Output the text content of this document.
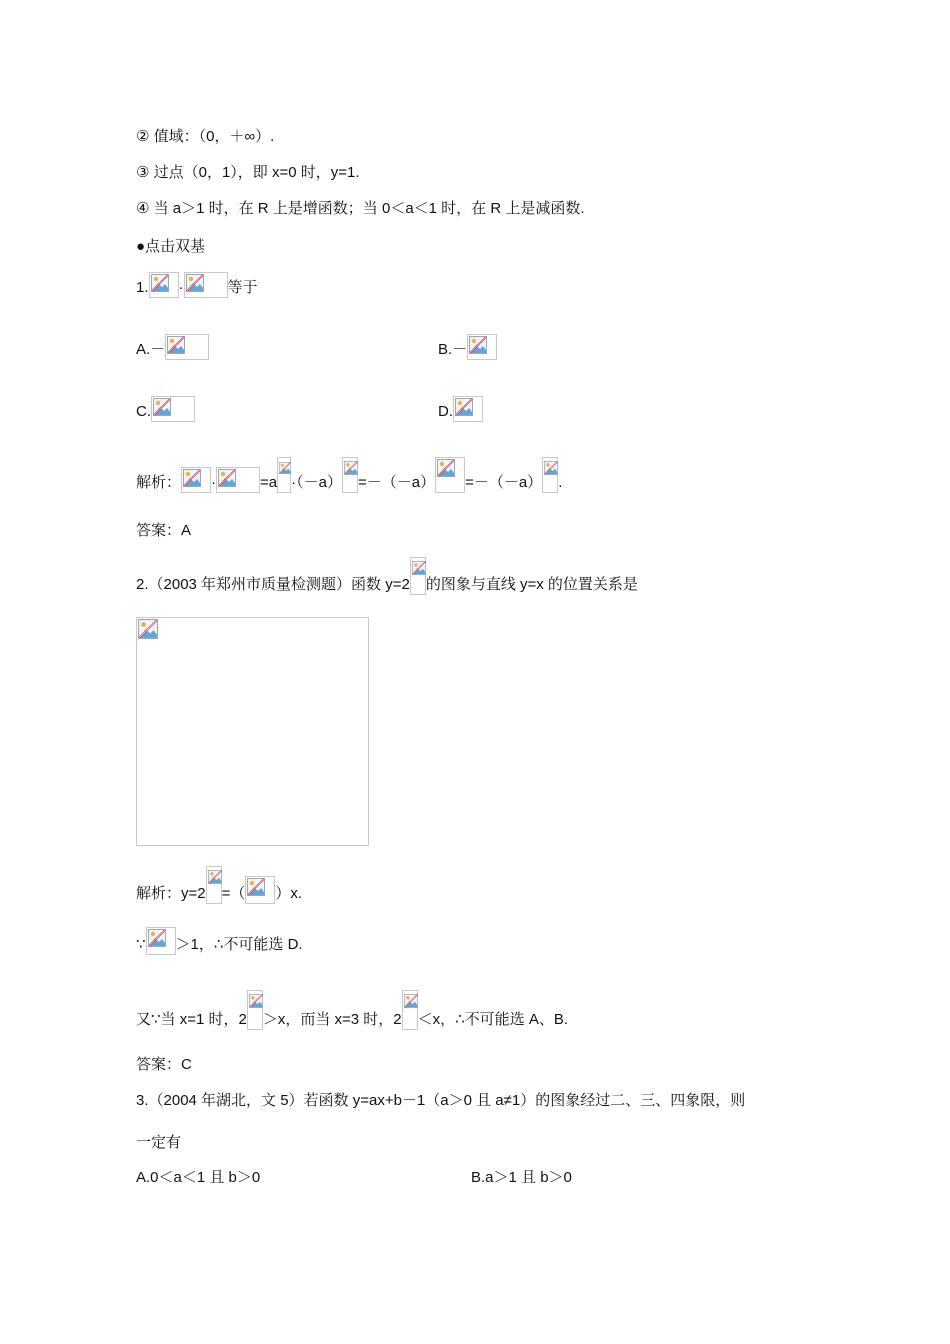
② 值域：（0，＋∞）.
③ 过点（0，1），即 x=0 时，y=1.
④ 当 a＞1 时，在 R 上是增函数；当 0＜a＜1 时，在 R 上是减函数.
●点击双基
1. ·	等于
A.－	B.－
C.	D.
解析： ·	=a ·（－a） =－（－a） =－（－a） .
答案：A
2.（2003 年郑州市质量检测题）函数 y=2 的图象与直线 y=x 的位置关系是
解析：y=2 =（ ）x.
∵ ＞1，∴不可能选 D.
又∵当 x=1 时，2 ＞x，而当 x=3 时，2 ＜x，∴不可能选 A、B.
答案：C
3.（2004 年湖北，文 5）若函数 y=ax+b－1（a＞0 且 a≠1）的图象经过二、三、四象限，则
一定有
A.0＜a＜1 且 b＞0	B.a＞1 且 b＞0
